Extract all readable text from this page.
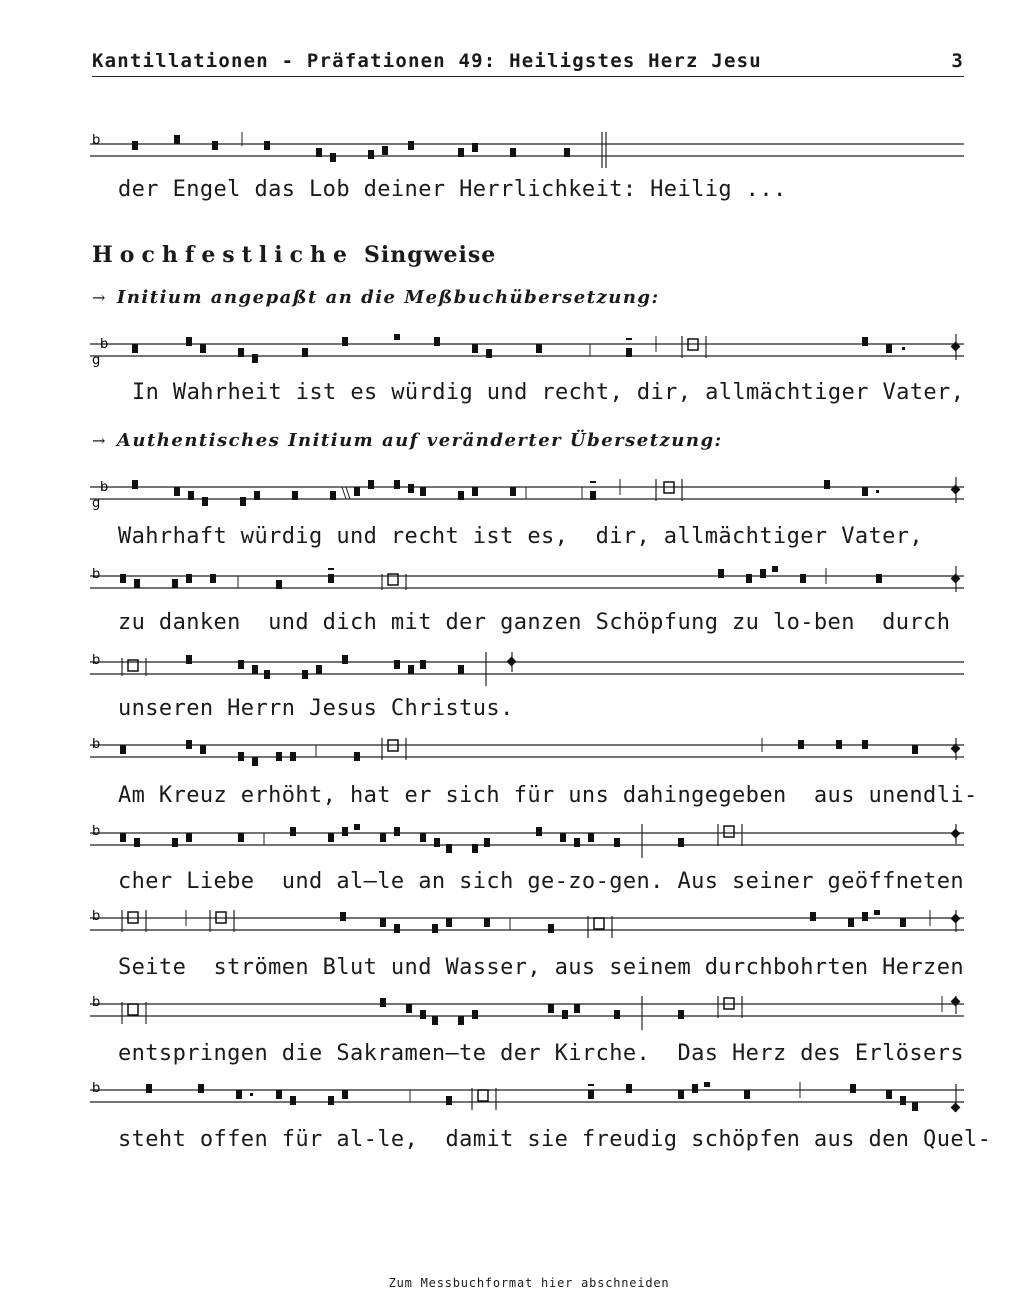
Kantillationen - Präfationen 49: Heiligstes Herz Jesu	3
b
der Engel das Lob deiner Herrlichkeit: Heilig ...
Hochfestliche Singweise
→ Initium angepaßt an die Meßbuchübersetzung:
b
g
In Wahrheit ist es würdig und recht, dir, allmächtiger Vater,
→ Authentisches Initium auf veränderter Übersetzung:
b
g
Wahrhaft würdig und recht ist es,  dir, allmächtiger Vater,
b
zu danken  und dich mit der ganzen Schöpfung zu lo-ben  durch
b
unseren Herrn Jesus Christus.
b
Am Kreuz erhöht, hat er sich für uns dahingegeben  aus unendli-
b
cher Liebe  und al—le an sich ge-zo-gen. Aus seiner geöffneten
b
Seite  strömen Blut und Wasser, aus seinem durchbohrten Herzen
b
entspringen die Sakramen—te der Kirche.  Das Herz des Erlösers
b
steht offen für al-le,  damit sie freudig schöpfen aus den Quel-
Zum Messbuchformat hier abschneiden
